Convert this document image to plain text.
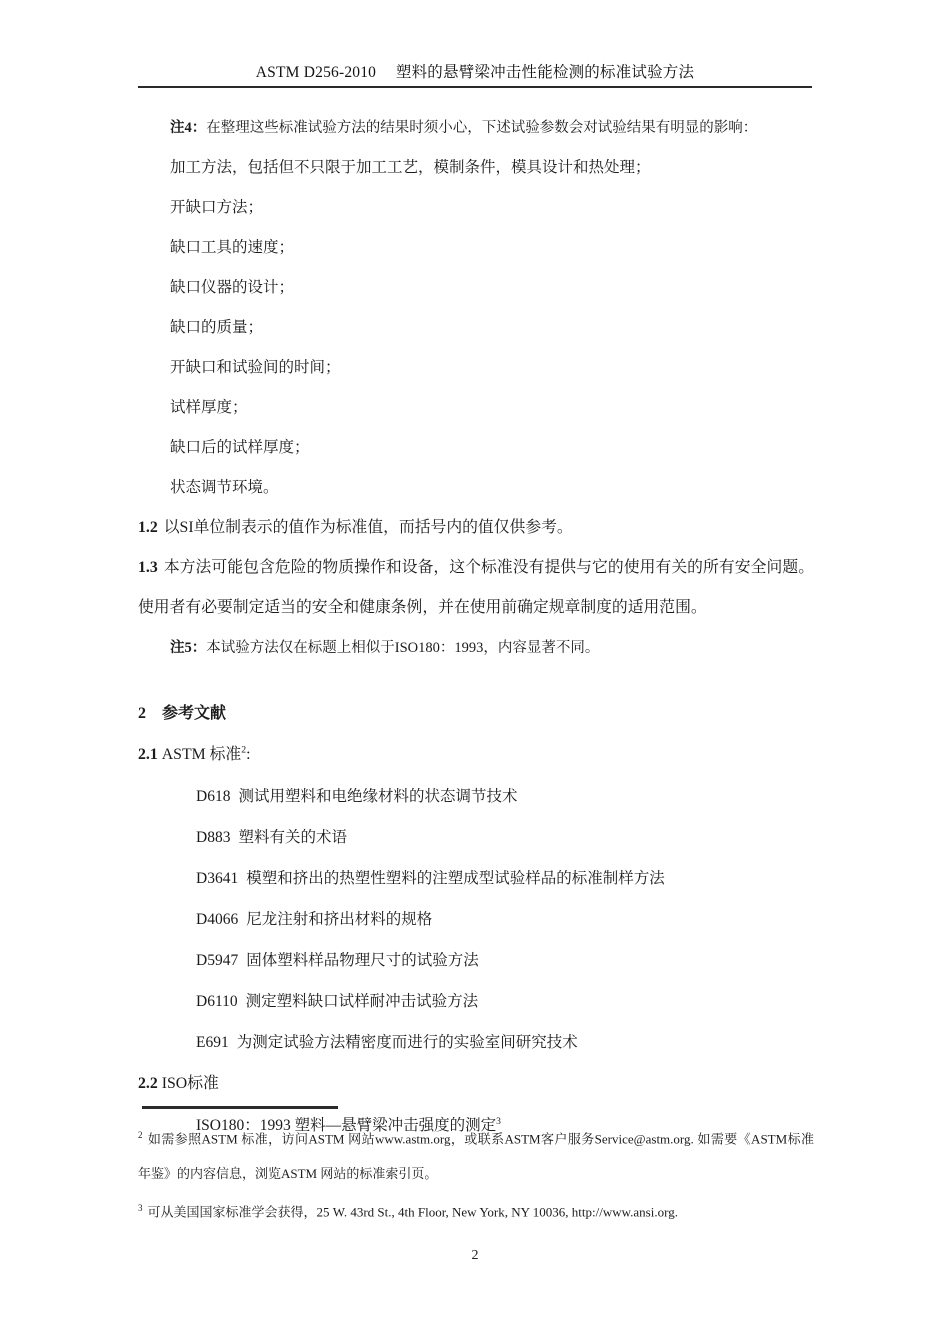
ASTM D256-2010　 塑料的悬臂梁冲击性能检测的标准试验方法

注4：在整理这些标准试验方法的结果时须小心，下述试验参数会对试验结果有明显的影响：

加工方法，包括但不只限于加工工艺，模制条件，模具设计和热处理；

开缺口方法；

缺口工具的速度；

缺口仪器的设计；

缺口的质量；

开缺口和试验间的时间；

试样厚度；

缺口后的试样厚度；

状态调节环境。

1.2 以SI单位制表示的值作为标准值，而括号内的值仅供参考。

1.3 本方法可能包含危险的物质操作和设备，这个标准没有提供与它的使用有关的所有安全问题。使用者有必要制定适当的安全和健康条例，并在使用前确定规章制度的适用范围。

注5：本试验方法仅在标题上相似于ISO180：1993，内容显著不同。

2 参考文献

2.1 ASTM 标准$^2$:

D618 测试用塑料和电绝缘材料的状态调节技术

D883 塑料有关的术语

D3641 模塑和挤出的热塑性塑料的注塑成型试验样品的标准制样方法

D4066 尼龙注射和挤出材料的规格

D5947 固体塑料样品物理尺寸的试验方法

D6110 测定塑料缺口试样耐冲击试验方法

E691 为测定试验方法精密度而进行的实验室间研究技术

2.2 ISO标准

ISO180：1993 塑料—悬臂梁冲击强度的测定$^3$

$^2$ 如需参照ASTM 标准，访问ASTM 网站www.astm.org，或联系ASTM客户服务Service@astm.org. 如需要《ASTM标准年鉴》的内容信息，浏览ASTM 网站的标准索引页。

$^3$ 可从美国国家标准学会获得，25 W. 43rd St., 4th Floor, New York, NY 10036, http://www.ansi.org.

2
